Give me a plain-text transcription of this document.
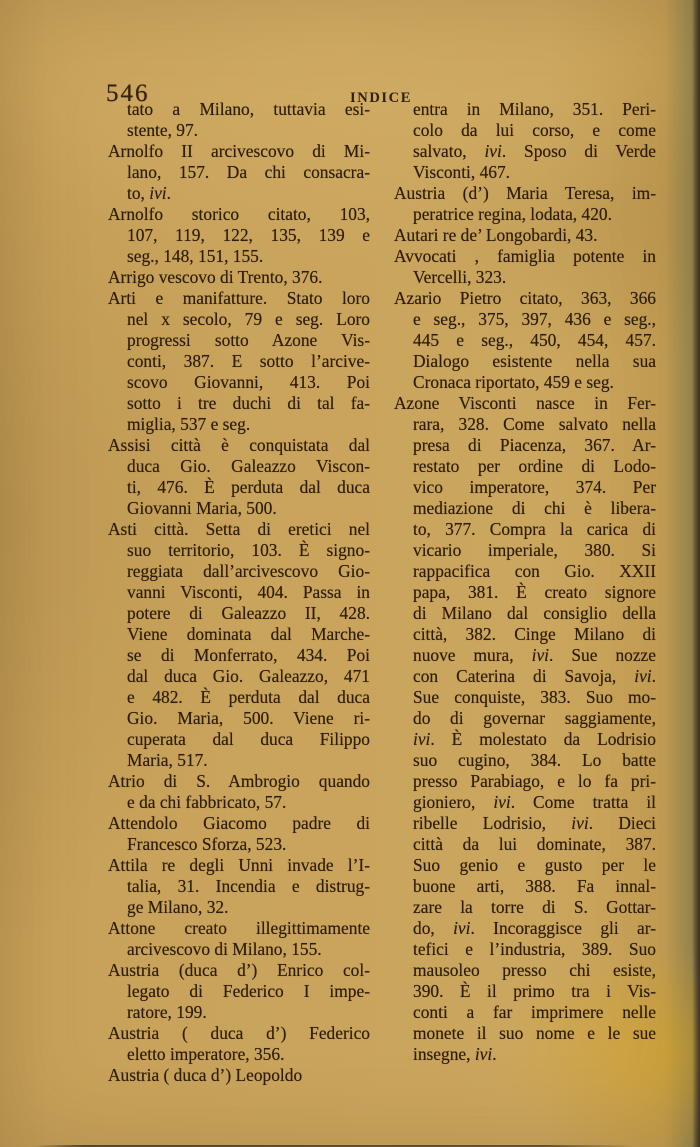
546	INDICE
tato a Milano, tuttavia esi-
stente, 97.
Arnolfo II arcivescovo di Mi-
lano, 157. Da chi consacra-
to, ivi.
Arnolfo storico citato, 103,
107, 119, 122, 135, 139 e
seg., 148, 151, 155.
Arrigo vescovo di Trento, 376.
Arti e manifatture. Stato loro
nel x secolo, 79 e seg. Loro
progressi sotto Azone Vis-
conti, 387. E sotto l’arcive-
scovo Giovanni, 413. Poi
sotto i tre duchi di tal fa-
miglia, 537 e seg.
Assisi città è conquistata dal
duca Gio. Galeazzo Viscon-
ti, 476. È perduta dal duca
Giovanni Maria, 500.
Asti città. Setta di eretici nel
suo territorio, 103. È signo-
reggiata dall’arcivescovo Gio-
vanni Visconti, 404. Passa in
potere di Galeazzo II, 428.
Viene dominata dal Marche-
se di Monferrato, 434. Poi
dal duca Gio. Galeazzo, 471
e 482. È perduta dal duca
Gio. Maria, 500. Viene ri-
cuperata dal duca Filippo
Maria, 517.
Atrio di S. Ambrogio quando
e da chi fabbricato, 57.
Attendolo Giacomo padre di
Francesco Sforza, 523.
Attila re degli Unni invade l’I-
talia, 31. Incendia e distrug-
ge Milano, 32.
Attone creato illegittimamente
arcivescovo di Milano, 155.
Austria (duca d’) Enrico col-
legato di Federico I impe-
ratore, 199.
Austria ( duca d’) Federico
eletto imperatore, 356.
Austria ( duca d’) Leopoldo
entra in Milano, 351. Peri-
colo da lui corso, e come
salvato, ivi. Sposo di Verde
Visconti, 467.
Austria (d’) Maria Teresa, im-
peratrice regina, lodata, 420.
Autari re de’ Longobardi, 43.
Avvocati , famiglia potente in
Vercelli, 323.
Azario Pietro citato, 363, 366
e seg., 375, 397, 436 e seg.,
445 e seg., 450, 454, 457.
Dialogo esistente nella sua
Cronaca riportato, 459 e seg.
Azone Visconti nasce in Fer-
rara, 328. Come salvato nella
presa di Piacenza, 367. Ar-
restato per ordine di Lodo-
vico imperatore, 374. Per
mediazione di chi è libera-
to, 377. Compra la carica di
vicario imperiale, 380. Si
rappacifica con Gio. XXII
papa, 381. È creato signore
di Milano dal consiglio della
città, 382. Cinge Milano di
nuove mura, ivi. Sue nozze
con Caterina di Savoja, ivi.
Sue conquiste, 383. Suo mo-
do di governar saggiamente,
ivi. È molestato da Lodrisio
suo cugino, 384. Lo batte
presso Parabiago, e lo fa pri-
gioniero, ivi. Come tratta il
ribelle Lodrisio, ivi. Dieci
città da lui dominate, 387.
Suo genio e gusto per le
buone arti, 388. Fa innal-
zare la torre di S. Gottar-
do, ivi. Incoraggisce gli ar-
tefici e l’industria, 389. Suo
mausoleo presso chi esiste,
390. È il primo tra i Vis-
conti a far imprimere nelle
monete il suo nome e le sue
insegne, ivi.
